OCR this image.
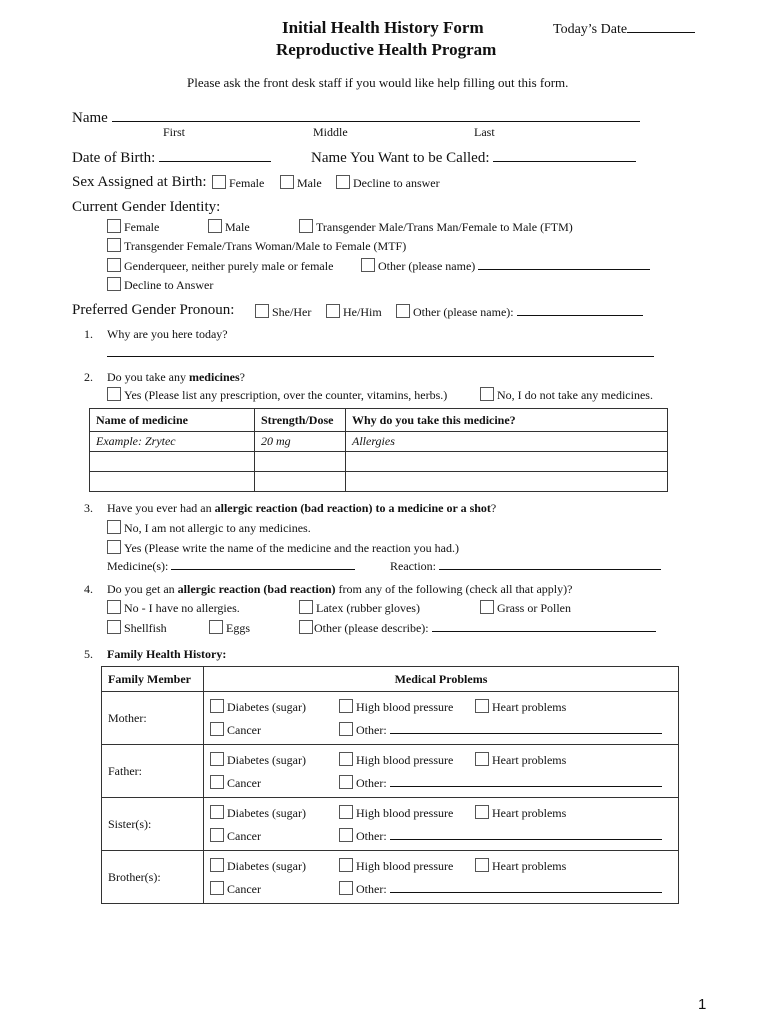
Initial Health History Form
Reproductive Health Program
Today’s Date
Please ask the front desk staff if you would like help filling out this form.
Name
First	Middle	Last
Date of Birth:	Name You Want to be Called:
Sex Assigned at Birth:	Female	Male	Decline to answer
Current Gender Identity:
Female	Male	Transgender Male/Trans Man/Female to Male (FTM)
Transgender Female/Trans Woman/Male to Female (MTF)
Genderqueer, neither purely male or female	Other (please name)
Decline to Answer
Preferred Gender Pronoun:	She/Her	He/Him	Other (please name):
1. Why are you here today?
2. Do you take any medicines?
Yes (Please list any prescription, over the counter, vitamins, herbs.)	No, I do not take any medicines.
Name of medicine	Strength/Dose	Why do you take this medicine?
Example: Zrytec	20 mg	Allergies

3. Have you ever had an allergic reaction (bad reaction) to a medicine or a shot?
No, I am not allergic to any medicines.
Yes (Please write the name of the medicine and the reaction you had.)
Medicine(s):	Reaction:
4. Do you get an allergic reaction (bad reaction) from any of the following (check all that apply)?
No - I have no allergies.	Latex (rubber gloves)	Grass or Pollen
Shellfish	Eggs	Other (please describe):
5. Family Health History:
Family Member	Medical Problems
Mother:	Diabetes (sugar) High blood pressure Heart problems
Cancer Other:

Father:	Diabetes (sugar) High blood pressure Heart problems
Cancer Other:

Sister(s):	Diabetes (sugar) High blood pressure Heart problems
Cancer Other:

Brother(s):	Diabetes (sugar) High blood pressure Heart problems
Cancer Other:
1
